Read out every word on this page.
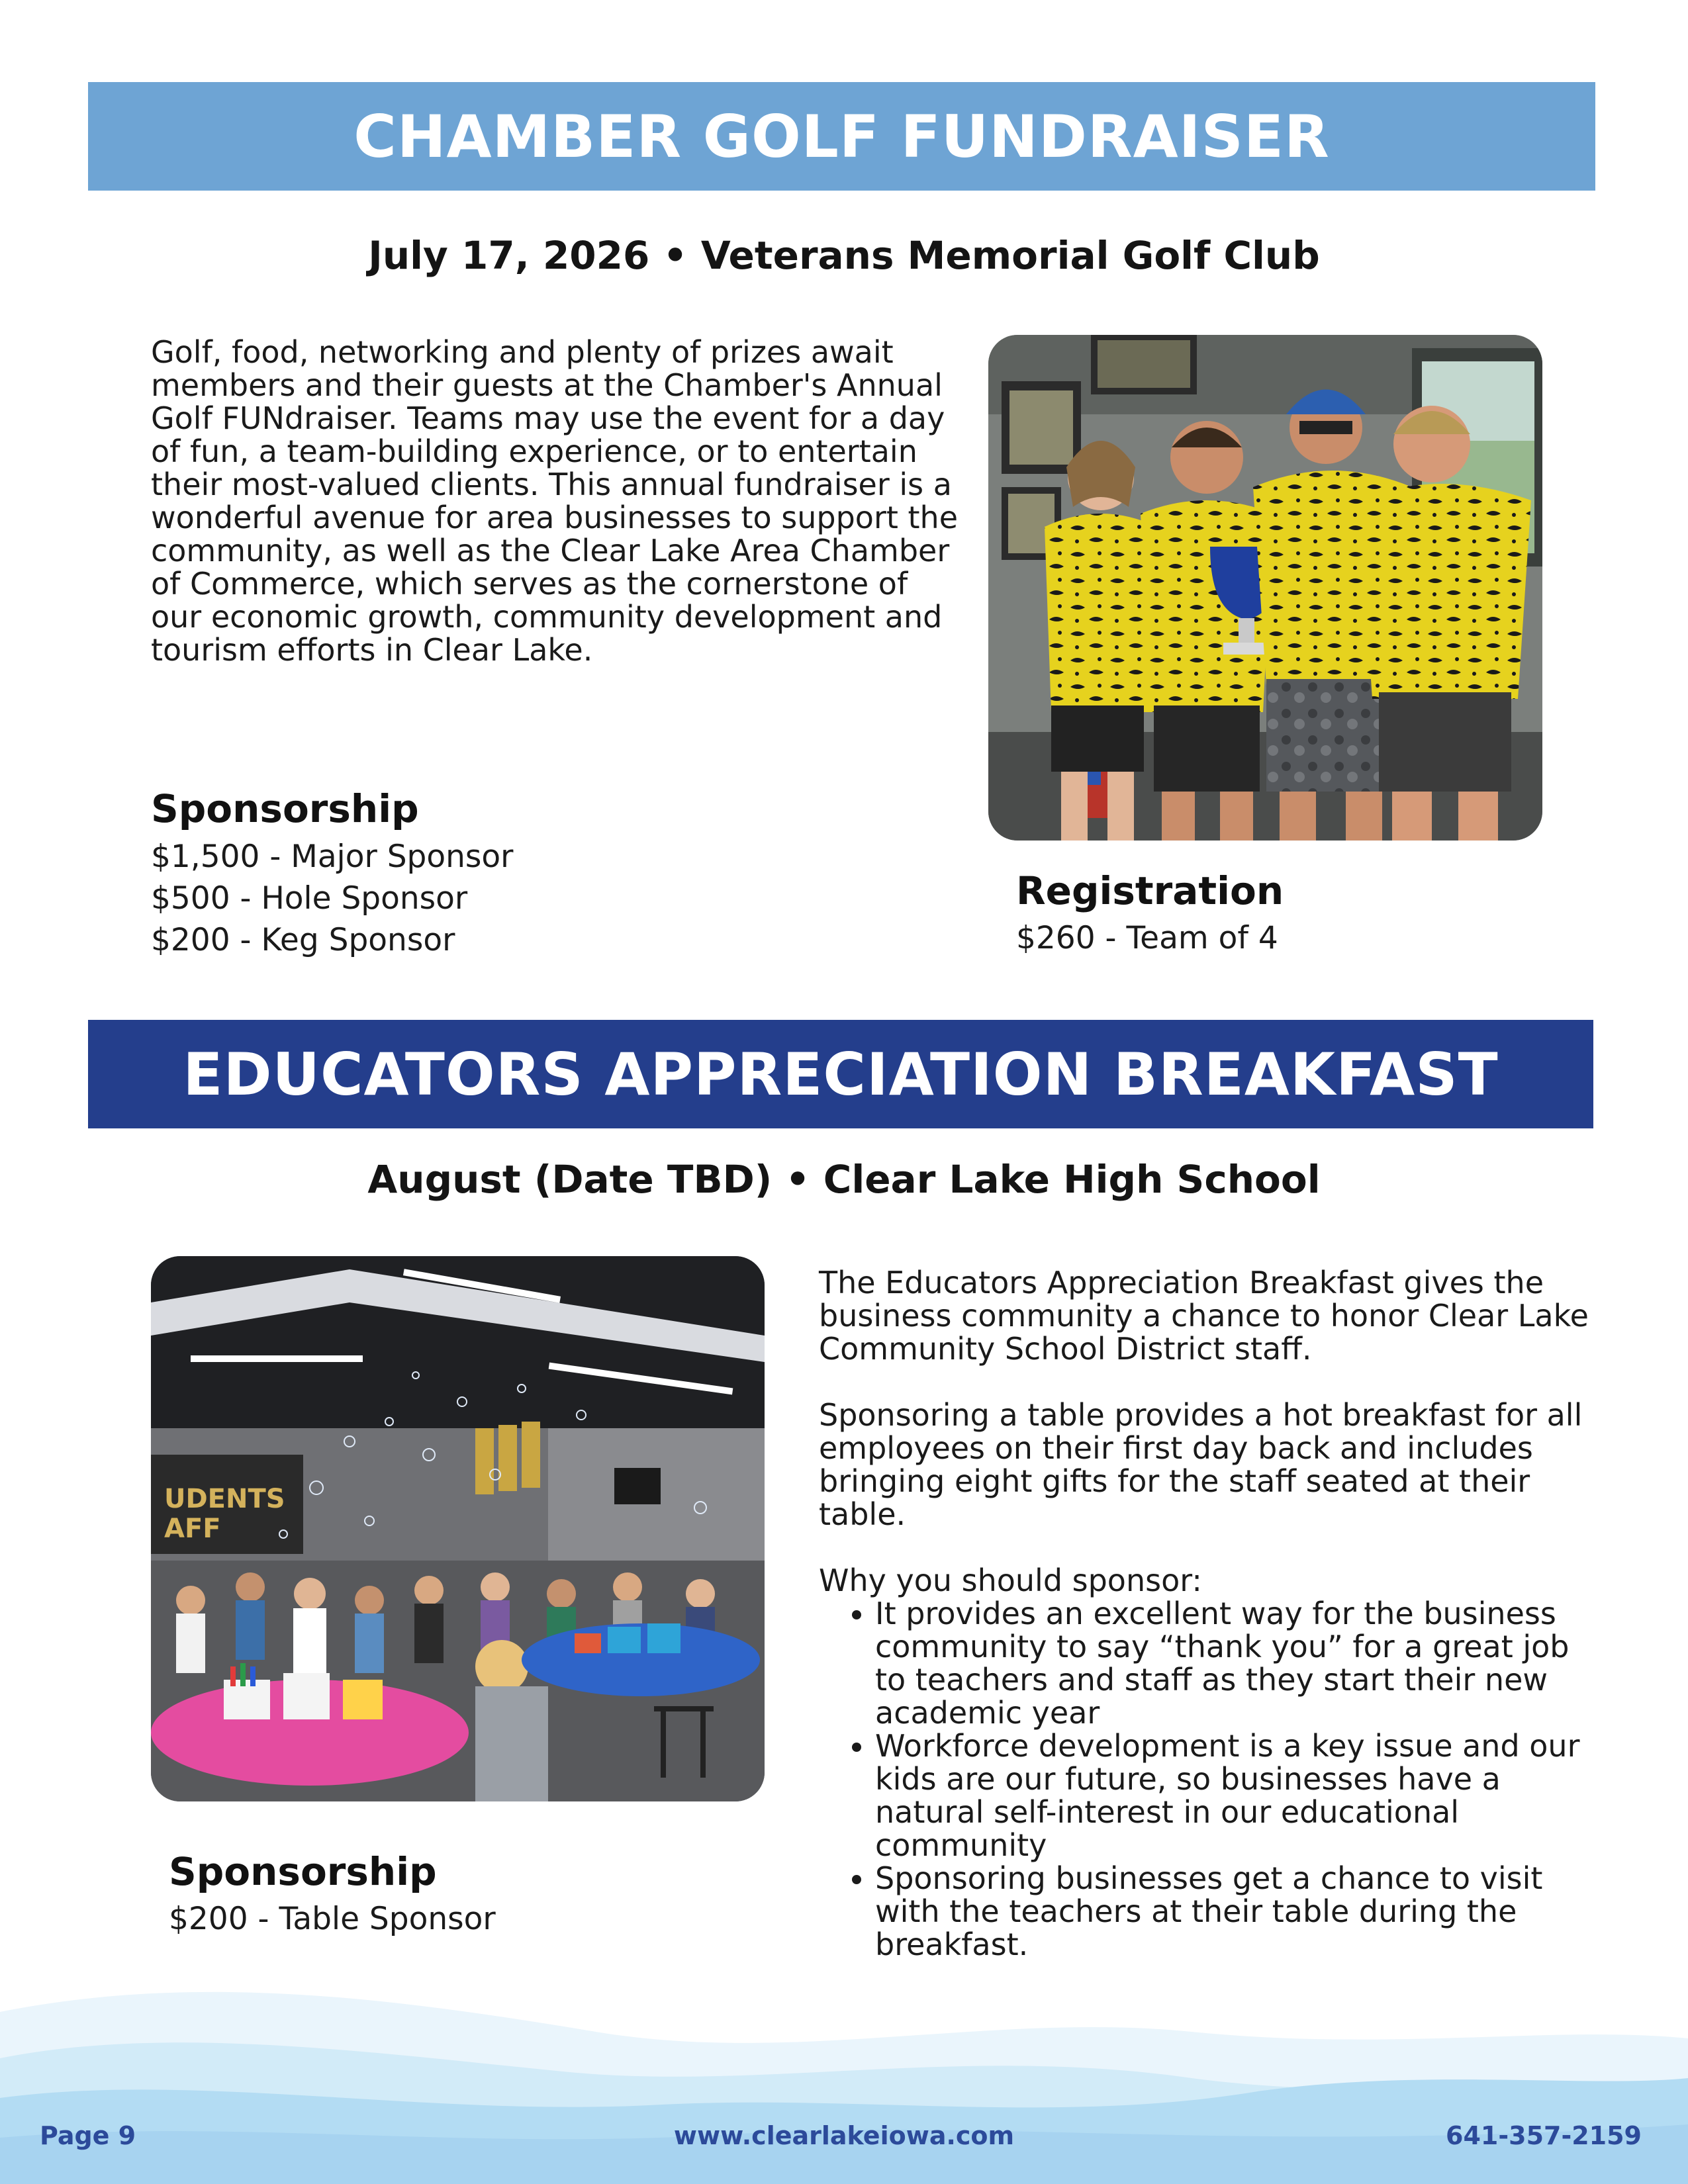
CHAMBER GOLF FUNDRAISER
July 17, 2026 • Veterans Memorial Golf Club
Golf, food, networking and plenty of prizes await members and their guests at the Chamber's Annual Golf FUNdraiser. Teams may use the event for a day of fun, a team-building experience, or to entertain their most-valued clients. This annual fundraiser is a wonderful avenue for area businesses to support the community, as well as the Clear Lake Area Chamber of Commerce, which serves as the cornerstone of our economic growth, community development and tourism efforts in Clear Lake.
Sponsorship
$1,500 - Major Sponsor
$500 - Hole Sponsor
$200 - Keg Sponsor
Registration
$260 - Team of 4
EDUCATORS APPRECIATION BREAKFAST
August (Date TBD) • Clear Lake High School
UDENTS
AFF
Sponsorship
$200 - Table Sponsor

The Educators Appreciation Breakfast gives the business community a chance to honor Clear Lake Community School District staff.

Sponsoring a table provides a hot breakfast for all employees on their first day back and includes bringing eight gifts for the staff seated at their table.

Why you should sponsor:

• It provides an excellent way for the business community to say “thank you” for a great job to teachers and staff as they start their new academic year
• Workforce development is a key issue and our kids are our future, so businesses have a natural self-interest in our educational community
• Sponsoring businesses get a chance to visit with the teachers at their table during the breakfast.
Page 9	www.clearlakeiowa.com	641-357-2159
